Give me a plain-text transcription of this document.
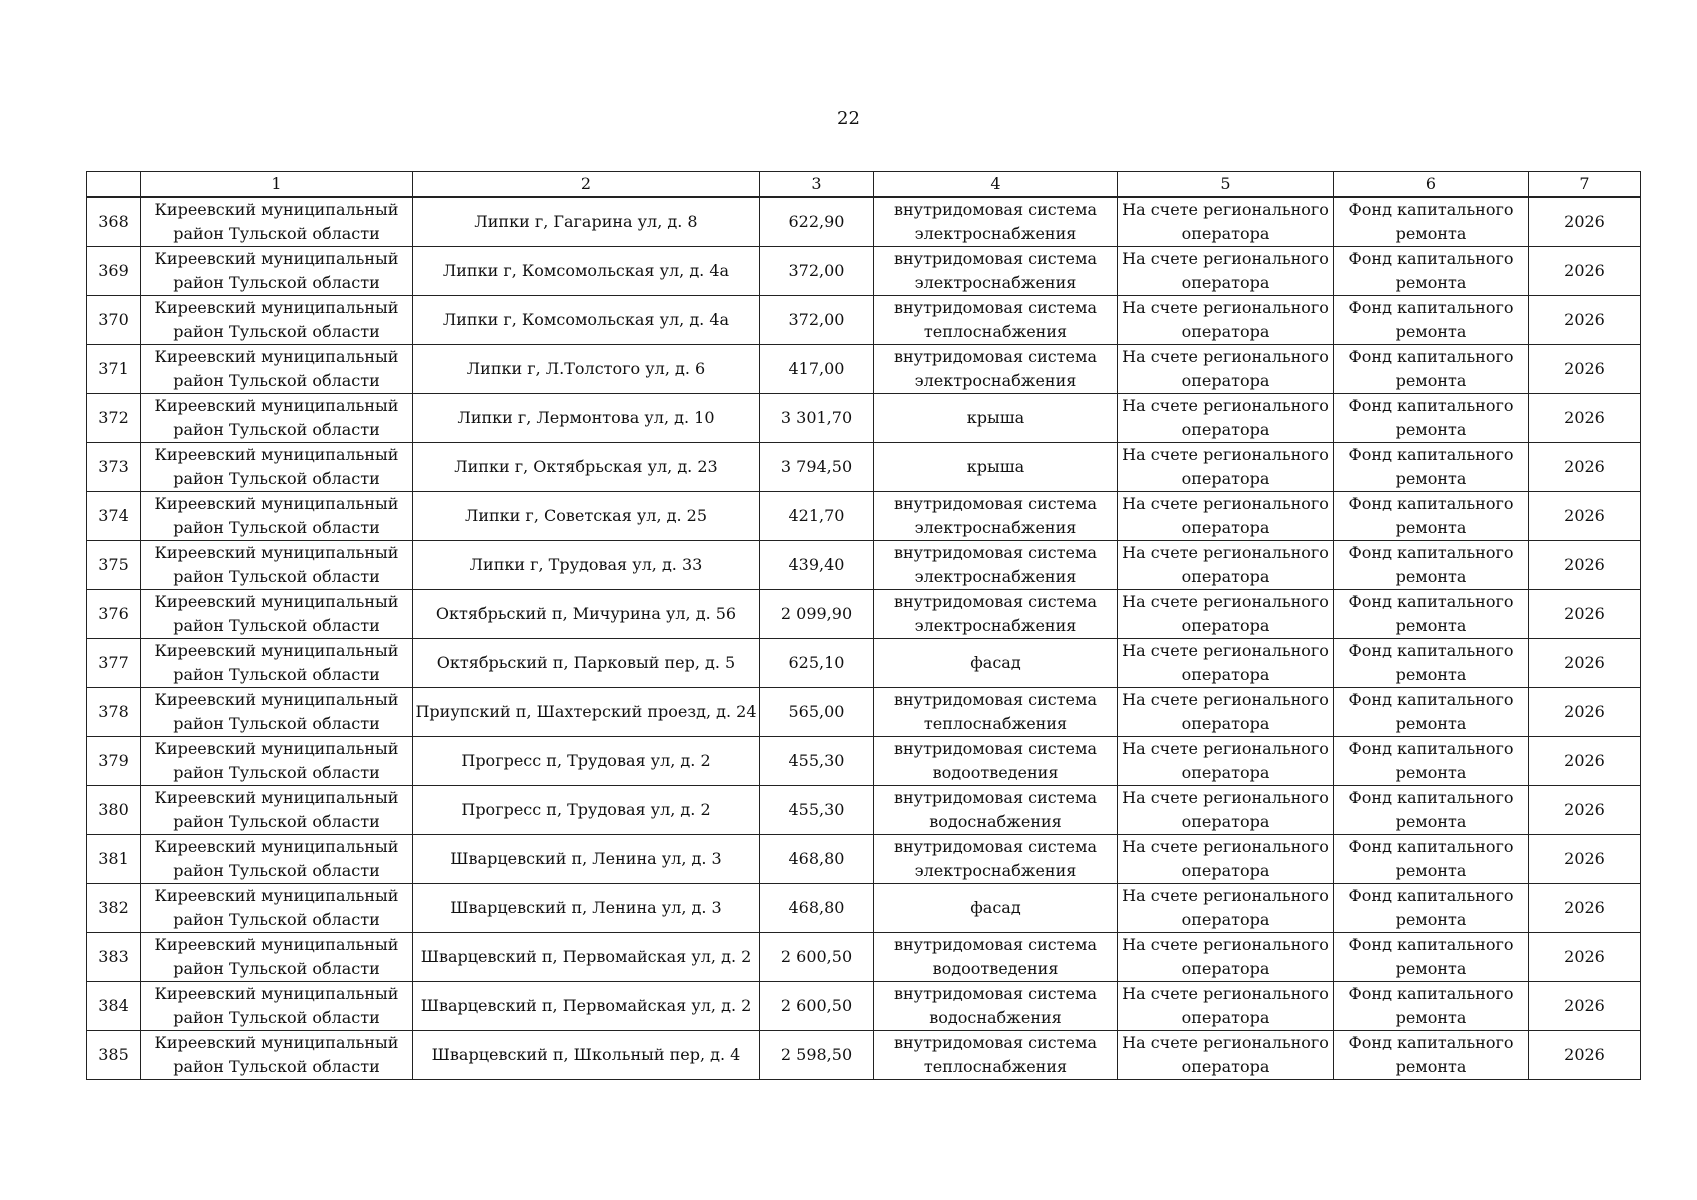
22
	1	2	3	4	5	6	7
368	Киреевский муниципальный
район Тульской области	Липки г, Гагарина ул, д. 8	622,90	внутридомовая система
электроснабжения	На счете регионального
оператора	Фонд капитального
ремонта	2026
369	Киреевский муниципальный
район Тульской области	Липки г, Комсомольская ул, д. 4а	372,00	внутридомовая система
электроснабжения	На счете регионального
оператора	Фонд капитального
ремонта	2026
370	Киреевский муниципальный
район Тульской области	Липки г, Комсомольская ул, д. 4а	372,00	внутридомовая система
теплоснабжения	На счете регионального
оператора	Фонд капитального
ремонта	2026
371	Киреевский муниципальный
район Тульской области	Липки г, Л.Толстого ул, д. 6	417,00	внутридомовая система
электроснабжения	На счете регионального
оператора	Фонд капитального
ремонта	2026
372	Киреевский муниципальный
район Тульской области	Липки г, Лермонтова ул, д. 10	3 301,70	крыша	На счете регионального
оператора	Фонд капитального
ремонта	2026
373	Киреевский муниципальный
район Тульской области	Липки г, Октябрьская ул, д. 23	3 794,50	крыша	На счете регионального
оператора	Фонд капитального
ремонта	2026
374	Киреевский муниципальный
район Тульской области	Липки г, Советская ул, д. 25	421,70	внутридомовая система
электроснабжения	На счете регионального
оператора	Фонд капитального
ремонта	2026
375	Киреевский муниципальный
район Тульской области	Липки г, Трудовая ул, д. 33	439,40	внутридомовая система
электроснабжения	На счете регионального
оператора	Фонд капитального
ремонта	2026
376	Киреевский муниципальный
район Тульской области	Октябрьский п, Мичурина ул, д. 56	2 099,90	внутридомовая система
электроснабжения	На счете регионального
оператора	Фонд капитального
ремонта	2026
377	Киреевский муниципальный
район Тульской области	Октябрьский п, Парковый пер, д. 5	625,10	фасад	На счете регионального
оператора	Фонд капитального
ремонта	2026
378	Киреевский муниципальный
район Тульской области	Приупский п, Шахтерский проезд, д. 24	565,00	внутридомовая система
теплоснабжения	На счете регионального
оператора	Фонд капитального
ремонта	2026
379	Киреевский муниципальный
район Тульской области	Прогресс п, Трудовая ул, д. 2	455,30	внутридомовая система
водоотведения	На счете регионального
оператора	Фонд капитального
ремонта	2026
380	Киреевский муниципальный
район Тульской области	Прогресс п, Трудовая ул, д. 2	455,30	внутридомовая система
водоснабжения	На счете регионального
оператора	Фонд капитального
ремонта	2026
381	Киреевский муниципальный
район Тульской области	Шварцевский п, Ленина ул, д. 3	468,80	внутридомовая система
электроснабжения	На счете регионального
оператора	Фонд капитального
ремонта	2026
382	Киреевский муниципальный
район Тульской области	Шварцевский п, Ленина ул, д. 3	468,80	фасад	На счете регионального
оператора	Фонд капитального
ремонта	2026
383	Киреевский муниципальный
район Тульской области	Шварцевский п, Первомайская ул, д. 2	2 600,50	внутридомовая система
водоотведения	На счете регионального
оператора	Фонд капитального
ремонта	2026
384	Киреевский муниципальный
район Тульской области	Шварцевский п, Первомайская ул, д. 2	2 600,50	внутридомовая система
водоснабжения	На счете регионального
оператора	Фонд капитального
ремонта	2026
385	Киреевский муниципальный
район Тульской области	Шварцевский п, Школьный пер, д. 4	2 598,50	внутридомовая система
теплоснабжения	На счете регионального
оператора	Фонд капитального
ремонта	2026
